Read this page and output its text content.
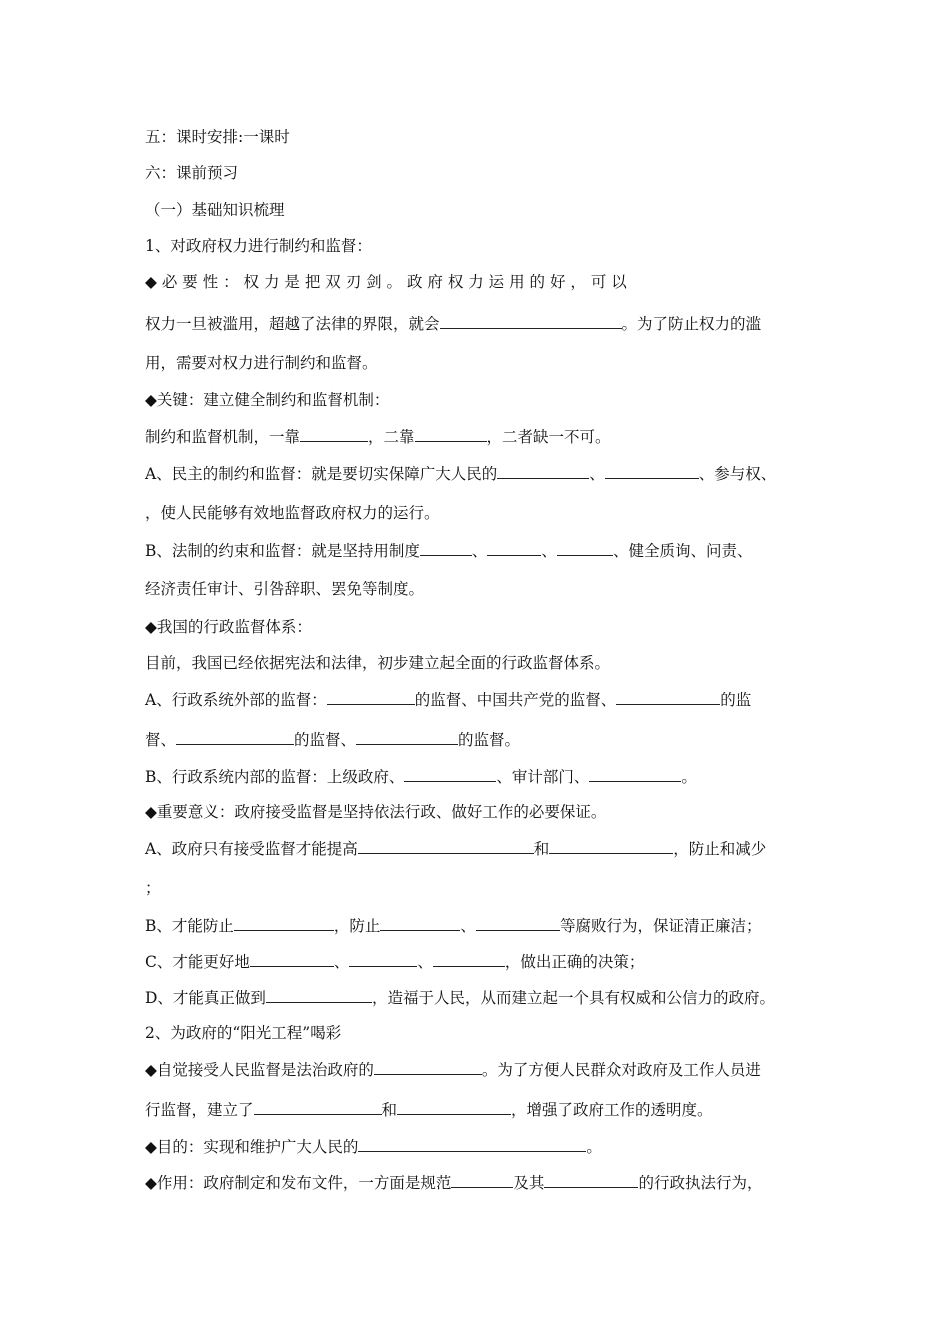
五：课时安排:一课时
六：课前预习
（一）基础知识梳理
1、对政府权力进行制约和监督：
◆ 必 要 性 ： 权 力 是 把 双 刃 剑 。 政 府 权 力 运 用 的 好 ， 可 以
权力一旦被滥用，超越了法律的界限，就会	。为了防止权力的滥
用，需要对权力进行制约和监督。
◆关键：建立健全制约和监督机制：
制约和监督机制，一靠	，二靠	，二者缺一不可。
A、民主的制约和监督：就是要切实保障广大人民的	、	、参与权、
，使人民能够有效地监督政府权力的运行。
B、法制的约束和监督：就是坚持用制度	、	、	、健全质询、问责、
经济责任审计、引咎辞职、罢免等制度。
◆我国的行政监督体系：
目前，我国已经依据宪法和法律，初步建立起全面的行政监督体系。
A、行政系统外部的监督：	的监督、中国共产党的监督、	的监
督、	的监督、	的监督。
B、行政系统内部的监督：上级政府、	、审计部门、	。
◆重要意义：政府接受监督是坚持依法行政、做好工作的必要保证。
A、政府只有接受监督才能提高	和	，防止和减少
；
B、才能防止	，防止	、	等腐败行为，保证清正廉洁；
C、才能更好地	、	、	，做出正确的决策；
D、才能真正做到	，造福于人民，从而建立起一个具有权威和公信力的政府。
2、为政府的“阳光工程”喝彩
◆自觉接受人民监督是法治政府的	。为了方便人民群众对政府及工作人员进
行监督，建立了	和	，增强了政府工作的透明度。
◆目的：实现和维护广大人民的	。
◆作用：政府制定和发布文件，一方面是规范	及其	的行政执法行为，
